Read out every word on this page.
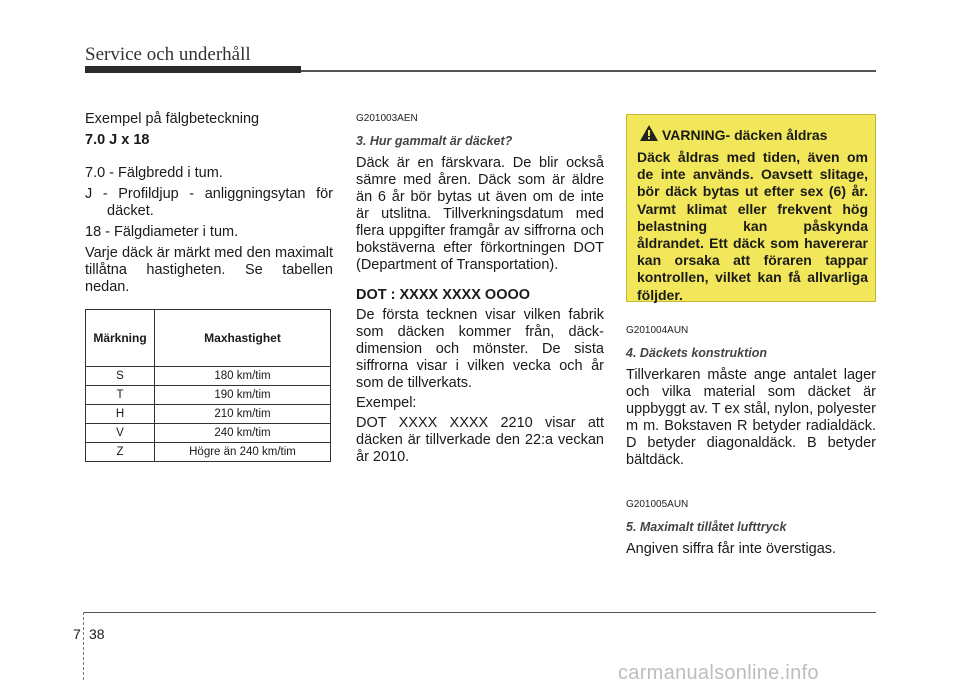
Service och underhåll

Exempel på fälgbeteckning

7.0 J x 18

7.0 - Fälgbredd i tum.

J - Profildjup - anliggningsytan för däcket.

18 - Fälgdiameter i tum.

Varje däck är märkt med den maximalt tillåtna hastigheten. Se tabellen nedan.

Märkning	Maxhastighet
S	180 km/tim
T	190 km/tim
H	210 km/tim
V	240 km/tim
Z	Högre än 240 km/tim

G201003AEN

3. Hur gammalt är däcket?

Däck är en färskvara. De blir också sämre med åren. Däck som är äldre än 6 år bör bytas ut även om de inte är utslitna. Tillverkningsdatum med flera uppgifter framgår av siffrorna och bokstäverna efter förkortningen DOT (Department of Transportation).

DOT : XXXX XXXX OOOO

De första tecknen visar vilken fabrik som däcken kommer från, däck-dimension och mönster. De sista siffrorna visar i vilken vecka och år som de tillverkats.

Exempel:

DOT XXXX XXXX 2210 visar att däcken är tillverkade den 22:a veckan år 2010.

VARNING- däcken åldras
Däck åldras med tiden, även om de inte används. Oavsett slitage, bör däck bytas ut efter sex (6) år. Varmt klimat eller frekvent hög belastning kan påskynda åldrandet. Ett däck som havererar kan orsaka att föraren tappar kontrollen, vilket kan få allvarliga följder.

G201004AUN

4. Däckets konstruktion

Tillverkaren måste ange antalet lager och vilka material som däcket är uppbyggt av. T ex stål, nylon, polyester m m. Bokstaven R betyder radialdäck. D betyder diagonaldäck. B betyder bältdäck.

G201005AUN

5. Maximalt tillåtet lufttryck

Angiven siffra får inte överstigas.

7 38
carmanualsonline.info
